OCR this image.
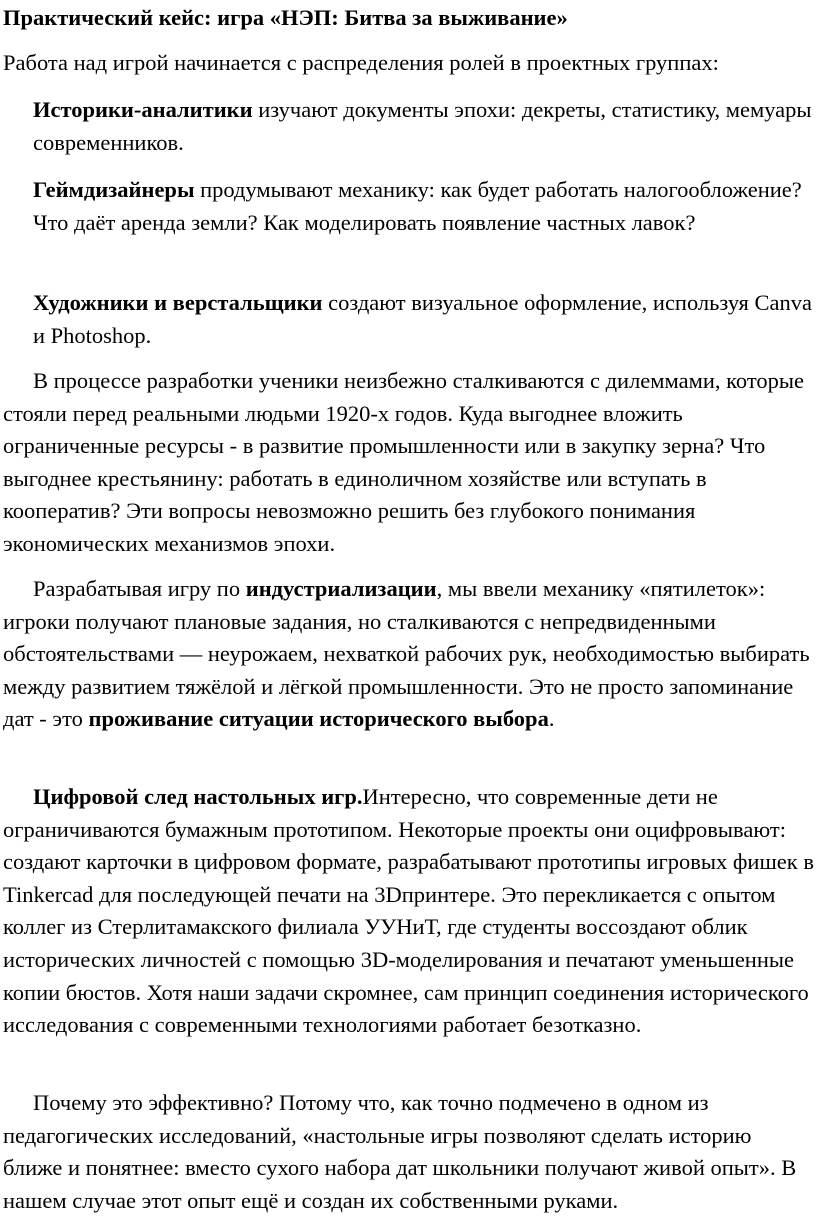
Практический кейс: игра «НЭП: Битва за выживание»

Работа над игрой начинается с распределения ролей в проектных группах:

Историки-аналитики изучают документы эпохи: декреты, статистику, мемуары современников.

Геймдизайнеры продумывают механику: как будет работать налогообложение? Что даёт аренда земли? Как моделировать появление частных лавок?

Художники и верстальщики создают визуальное оформление, используя Canva и Photoshop.

В процессе разработки ученики неизбежно сталкиваются с дилеммами, которые стояли перед реальными людьми 1920-х годов. Куда выгоднее вложить ограниченные ресурсы - в развитие промышленности или в закупку зерна? Что выгоднее крестьянину: работать в единоличном хозяйстве или вступать в кооператив? Эти вопросы невозможно решить без глубокого понимания экономических механизмов эпохи.

Разрабатывая игру по индустриализации, мы ввели механику «пятилеток»: игроки получают плановые задания, но сталкиваются с непредвиденными обстоятельствами — неурожаем, нехваткой рабочих рук, необходимостью выбирать между развитием тяжёлой и лёгкой промышленности. Это не просто запоминание дат - это проживание ситуации исторического выбора.

Цифровой след настольных игр.Интересно, что современные дети не ограничиваются бумажным прототипом. Некоторые проекты они оцифровывают: создают карточки в цифровом формате, разрабатывают прототипы игровых фишек в Tinkercad для последующей печати на 3Dпринтере. Это перекликается с опытом коллег из Стерлитамакского филиала УУНиТ, где студенты воссоздают облик исторических личностей с помощью 3D-моделирования и печатают уменьшенные копии бюстов. Хотя наши задачи скромнее, сам принцип соединения исторического исследования с современными технологиями работает безотказно.

Почему это эффективно? Потому что, как точно подмечено в одном из педагогических исследований, «настольные игры позволяют сделать историю ближе и понятнее: вместо сухого набора дат школьники получают живой опыт». В нашем случае этот опыт ещё и создан их собственными руками.
